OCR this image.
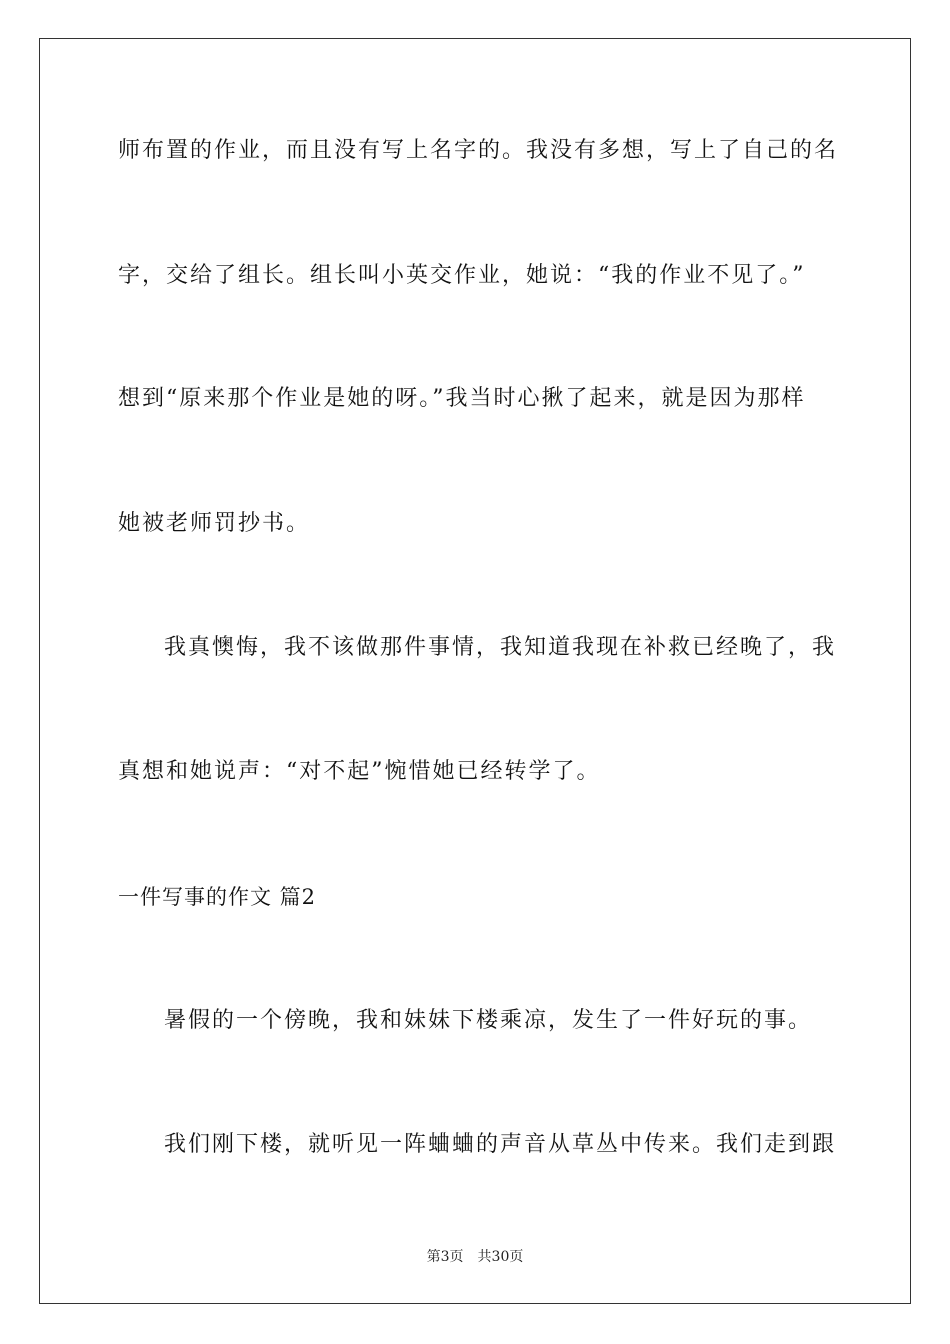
师布置的作业，而且没有写上名字的。我没有多想，写上了自己的名
字，交给了组长。组长叫小英交作业，她说：“我的作业不见了。”
想到“原来那个作业是她的呀。”我当时心揪了起来，就是因为那样
她被老师罚抄书。
我真懊悔，我不该做那件事情，我知道我现在补救已经晚了，我
真想和她说声：“对不起”惋惜她已经转学了。
一件写事的作文 篇2
暑假的一个傍晚，我和妹妹下楼乘凉，发生了一件好玩的事。
我们刚下楼，就听见一阵蛐蛐的声音从草丛中传来。我们走到跟
第3页　共30页
